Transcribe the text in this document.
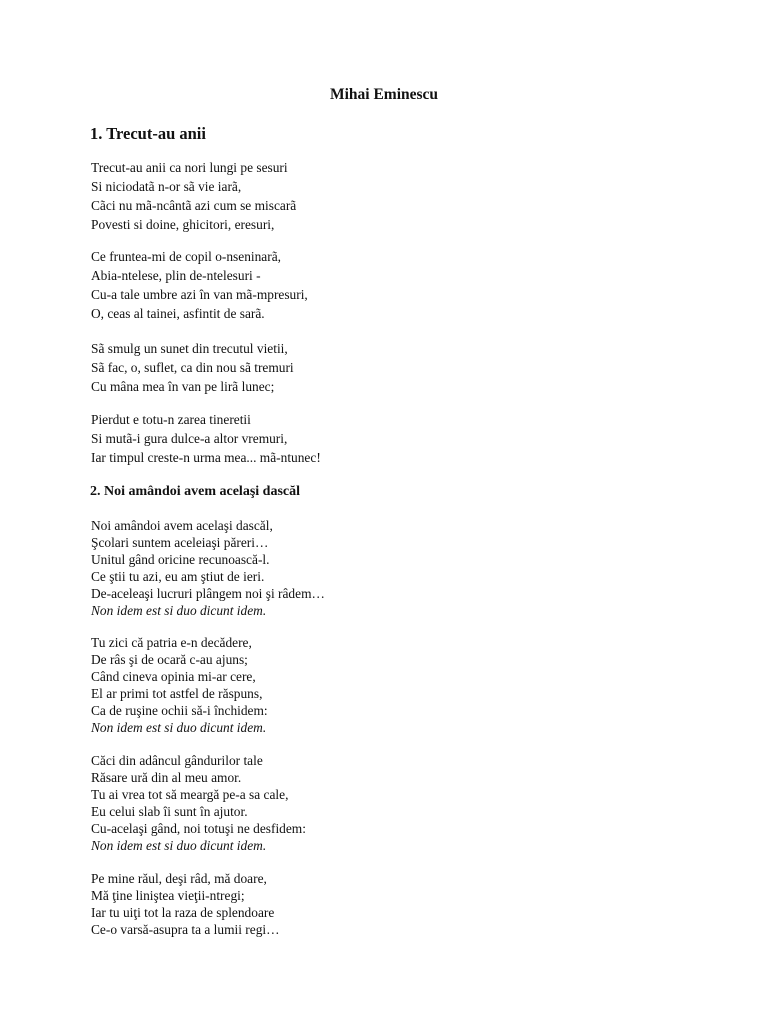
Mihai Eminescu
1. Trecut-au anii
Trecut-au anii ca nori lungi pe sesuri
Si niciodatã n-or sã vie iarã,
Cãci nu mã-ncântã azi cum se miscarã
Povesti si doine, ghicitori, eresuri,
Ce fruntea-mi de copil o-nseninarã,
Abia-ntelese, plin de-ntelesuri -
Cu-a tale umbre azi în van mã-mpresuri,
O, ceas al tainei, asfintit de sarã.
Sã smulg un sunet din trecutul vietii,
Sã fac, o, suflet, ca din nou sã tremuri
Cu mâna mea în van pe lirã lunec;
Pierdut e totu-n zarea tineretii
Si mutã-i gura dulce-a altor vremuri,
Iar timpul creste-n urma mea... mã-ntunec!
2. Noi amândoi avem acelaşi dascăl
Noi amândoi avem acelaşi dascăl,
Şcolari suntem aceleiaşi păreri…
Unitul gând oricine recunoască-l.
Ce ştii tu azi, eu am ştiut de ieri.
De-aceleaşi lucruri plângem noi şi râdem…
Non idem est si duo dicunt idem.
Tu zici că patria e-n decădere,
De râs şi de ocară c-au ajuns;
Când cineva opinia mi-ar cere,
El ar primi tot astfel de răspuns,
Ca de ruşine ochii să-i închidem:
Non idem est si duo dicunt idem.
Căci din adâncul gândurilor tale
Răsare ură din al meu amor.
Tu ai vrea tot să meargă pe-a sa cale,
Eu celui slab îi sunt în ajutor.
Cu-acelaşi gând, noi totuşi ne desfidem:
Non idem est si duo dicunt idem.
Pe mine răul, deşi râd, mă doare,
Mă ţine liniştea vieţii-ntregi;
Iar tu uiţi tot la raza de splendoare
Ce-o varsă-asupra ta a lumii regi…
